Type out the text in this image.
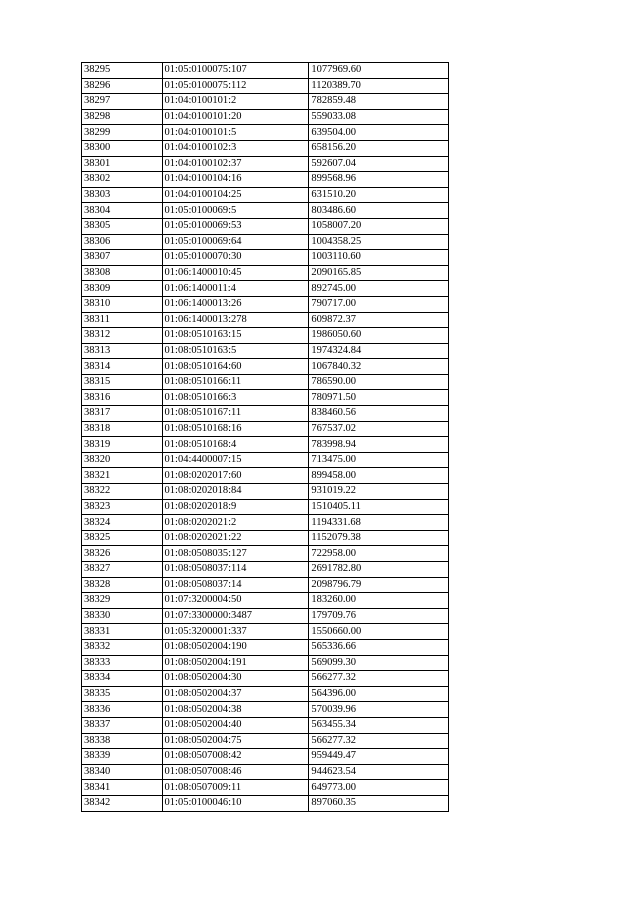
38295	01:05:0100075:107	1077969.60
38296	01:05:0100075:112	1120389.70
38297	01:04:0100101:2	782859.48
38298	01:04:0100101:20	559033.08
38299	01:04:0100101:5	639504.00
38300	01:04:0100102:3	658156.20
38301	01:04:0100102:37	592607.04
38302	01:04:0100104:16	899568.96
38303	01:04:0100104:25	631510.20
38304	01:05:0100069:5	803486.60
38305	01:05:0100069:53	1058007.20
38306	01:05:0100069:64	1004358.25
38307	01:05:0100070:30	1003110.60
38308	01:06:1400010:45	2090165.85
38309	01:06:1400011:4	892745.00
38310	01:06:1400013:26	790717.00
38311	01:06:1400013:278	609872.37
38312	01:08:0510163:15	1986050.60
38313	01:08:0510163:5	1974324.84
38314	01:08:0510164:60	1067840.32
38315	01:08:0510166:11	786590.00
38316	01:08:0510166:3	780971.50
38317	01:08:0510167:11	838460.56
38318	01:08:0510168:16	767537.02
38319	01:08:0510168:4	783998.94
38320	01:04:4400007:15	713475.00
38321	01:08:0202017:60	899458.00
38322	01:08:0202018:84	931019.22
38323	01:08:0202018:9	1510405.11
38324	01:08:0202021:2	1194331.68
38325	01:08:0202021:22	1152079.38
38326	01:08:0508035:127	722958.00
38327	01:08:0508037:114	2691782.80
38328	01:08:0508037:14	2098796.79
38329	01:07:3200004:50	183260.00
38330	01:07:3300000:3487	179709.76
38331	01:05:3200001:337	1550660.00
38332	01:08:0502004:190	565336.66
38333	01:08:0502004:191	569099.30
38334	01:08:0502004:30	566277.32
38335	01:08:0502004:37	564396.00
38336	01:08:0502004:38	570039.96
38337	01:08:0502004:40	563455.34
38338	01:08:0502004:75	566277.32
38339	01:08:0507008:42	959449.47
38340	01:08:0507008:46	944623.54
38341	01:08:0507009:11	649773.00
38342	01:05:0100046:10	897060.35
